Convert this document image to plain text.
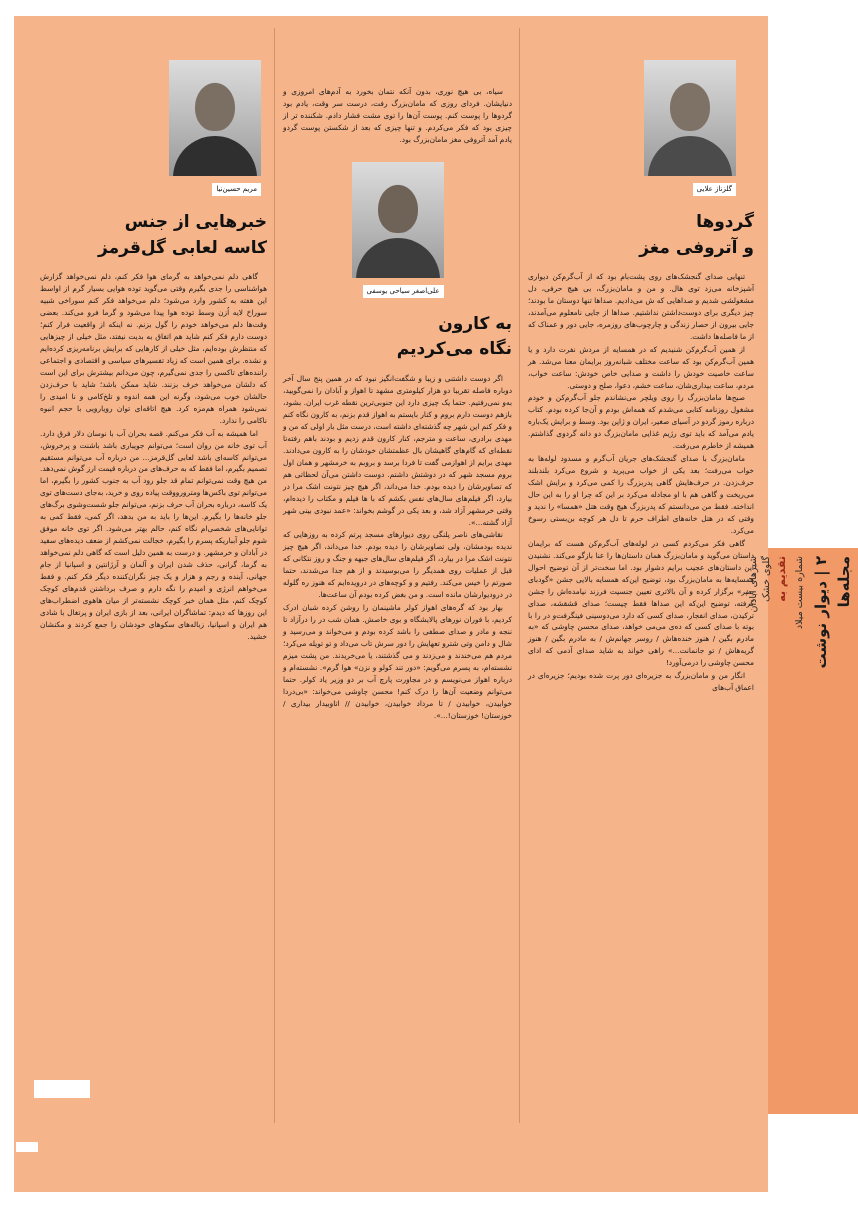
مجله‌ها
۲ | دیوار نوشت
شماره بیست میلاد
تقدیم به
گلوی خشک
شیرهای آبادان
گلزناز علایی
گردوها
و آتروفی مغز

تنهایی صدای گنجشک‌های روی پشت‌بام بود که از آب‌گرم‌کن دیواری آشپزخانه می‌زد توی هال. و من و مامان‌بزرگ، بی هیچ حرفی، دل مشغولشی شدیم و صداهایی که ش می‌دادیم. صداها تنها دوستان ما بودند؛ چیز دیگری برای دوست‌داشتن نداشتیم. صداها از جایی نامعلوم می‌آمدند، جایی بیرون از حصار زندگی و چارچوب‌های روزمره، جایی دور و عمناک که از ما فاصله‌ها داشت.

از همین آب‌گرم‌کن شنیدیم که در همسایه از مردش نفرت دارد و یا همین آب‌گرم‌کن بود که ساعت مختلف شبانه‌روز برایمان معنا می‌شد. هر ساعت خاصیت خودش را داشت و صدایی خاص خودش: ساعت خواب، مردم، ساعت بیداری‌شان، ساعت خشم، دعوا، صلح و دوستی.

صبح‌ها مامان‌بزرگ را روی ویلچر می‌نشاندم جلو آب‌گرم‌کن و خودم مشغول روزنامه کتابی می‌شدم که همه‌اش بودم و آن‌جا کرده بودم. کتاب درباره رموز گردو در آسیای صغیر، ایران و ژاپن بود. وسط و برایش یک‌باره یادم می‌آمد که باید توی رژیم غذایی مامان‌بزرگ دو دانه گردوی گذاشتم. همیشه از خاطرم می‌رفت.

مامان‌بزرگ با صدای گنجشک‌های جریان آب‌گرم و مسدود لوله‌ها به خواب می‌رفت؛ بعد یکی از خواب می‌پرید و شروع می‌کرد بلندبلند حرف‌زدن. در حرف‌هایش گاهی پدربزرگ را کمی می‌کرد و برایش اشک می‌ریخت و گاهی هم با او مجادله می‌کرد بر این که چرا او را به این حال انداخته. فقط من می‌دانستم که پدربزرگ هیچ وقت هتل «همسا» را ندید و وقتی که در هتل خانه‌های اطراف حرم تا دل هر کوچه بن‌بستی رسوخ می‌کرد.

گاهی فکر می‌کردم کسی در لوله‌های آب‌گرم‌کن هست که برایمان داستان می‌گوید و مامان‌بزرگ همان داستان‌ها را عنا بازگو می‌کند. نشنیدن این داستان‌های عجیب برایم دشوار بود. اما سخت‌تر از آن توضیح احوال همسایه‌ها به مامان‌بزرگ بود، توضیح این‌که همسایه بالایی جشن «گودبای پمپر» برگزار کرده و آن بالاتری تعیین جنسیت فرزند نیامده‌اش را جشن گرفته، توضیح این‌که این صداها فقط چیست؛ صدای قشقشه، صدای ترکیدن، صدای انفجار، صدای کسی که دارد می‌دوسینی فینگرفت‌و در را با بوته با صدای کسی که ده‌ی می‌می خواهد، صدای محسن چاوشی که «به مادرم بگین / هنوز خنده‌هاش / روسر جهانم‌ش / به مادرم بگین / هنوز گریه‌هاش / تو جانمانت...» راهی خواند به شاید صدای آدمی که ادای محسن چاوشی را درمی‌آورد!

انگار من و مامان‌بزرگ به جزیره‌ای دور پرت شده بودیم؛ جزیره‌ای در اعماق آب‌های

سیاه، بی هیچ نوری، بدون آنکه نتمان بخورد به آدم‌های امروزی و دنیایشان. فردای روزی که مامان‌بزرگ رفت، درست سر وقت، یادم بود گردوها را پوست کنم. پوست آن‌ها را توی مشت فشار دادم. شکننده تر از چیزی بود که فکر می‌کردم. و تنها چیزی که بعد از شکستن پوست گردو یادم آمد آتروفی مغز مامان‌بزرگ بود.

علی‌اصغر سیاحی یوسفی
به کارون
نگاه می‌کردیم

اگر دوست داشتنی و زیبا و شگفت‌انگیز نبود که در همین پنج سال آخر دوباره فاصله تقریبا دو هزار کیلومتری مشهد تا اهواز و آبادان را نمی‌گویید، به‌و نمی‌رفتیم. حتما یک چیزی دارد این جنوبی‌ترین نقطه غرب ایران. بشود، بازهم دوست دارم بروم و کنار بایستم به اهواز قدم بزنم، به کارون نگاه کنم و فکر کنم این شهر چه گذشته‌ای داشته است، درست مثل بار اولی که من و مهدی برادری، ساعت و مترجم، کنار کارون قدم زدیم و بودند باهم رفته‌تا نقطه‌ای که گام‌های گاهیشان بال عظمتشان خودشان را به کارون می‌دادند. مهدی برایم از اهوازمی گفت تا فردا برسد و بروبم به خرمشهر و همان اول بروم مسجد شهر که در دوشتش داشتم. دوست داشتن می‌آن لحظاتی هم که تصاویرشان را دیده بودم. خدا می‌داند، اگر هیچ چیز نتونت اشک مرا در بیارد، اگر فیلم‌های سال‌های نفس بکشم که با ها فیلم و مکتاب را دیده‌ام، وقتی خرمشهر آزاد شد، و بعد یکی در گوشم بخواند: «عمد نبودی بینی شهر آزاد گشته...».

نقاشی‌های ناصر پلنگی روی دیوارهای مسجد پرتم کرده به روزهایی که نديده بودمشان، ولی تصاویرشان را دیده بودم. خدا می‌داند، اگر هیچ چیز نتونت اشک مرا در بیارد، اگر فیلم‌های سال‌های جبهه و جنگ و روز نتکانی که قبل از عملیات روی همدیگر را می‌بوسیدند و از هم جدا می‌شدند، حتما صورتم را خیس می‌کند. رفتیم و و کوچه‌های در درویده‌ایم که هنوز ره گلوله در درودیوارشان مانده است. و من بغض کرده بودم آن ساعت‌ها.

بهار بود که گره‌های اهواز کولر ماشینمان را روشن کرده شبان ادرک کردیم، با فوران نورهای پالایشگاه و بوی خاصش. همان شب در را درآزاد تا ننجه و مادر و صدای صطفی را باشد کرده بودم و می‌خواند و می‌رسید و شال و دامن وتی شترو تعهایش را دور سرش تاب می‌داد و تو تویله می‌کرد؛ مردم هم می‌خندند و می‌زدند و می گذشتند، یا می‌خریدند. من پشت میزم نشسته‌ام، به پسرم می‌گویم: «دور تند کولو و نزن» هوا گرم». نشسته‌ام و درباره اهواز می‌نویسم و در مجاورت پارچ آب بر دو وزیر یاد کولر. حتما می‌توانم وضعیت آن‌ها را درک کنم! محسن چاوشی می‌خواند: «بی‌دردا خوابیدن، خوابیدن / تا مرداد خوابیدن، خوابیدن // اتاوبیدار بیداری / خوزستان! خوزستان!...».

مریم حسین‌نیا
خبرهایی از جنس
کاسه لعابی گل‌قرمز

گاهی دلم نمی‌خواهد به گرمای هوا فکر کنم، دلم نمی‌خواهد گزارش هواشناسی را جدی بگیرم وقتی می‌گوید توده هوایی بسیار گرم از اواسط این هفته به کشور وارد می‌شود؛ دلم می‌خواهد فکر کنم سوراخی شبیه سوراخ لایه اُزن وسط توده هوا پیدا می‌شود و گرما فرو می‌کند. بعضی وقت‌ها دلم می‌خواهد خودم را گول بزنم. نه اینکه از واقعیت فرار کنم؛ دوست دارم فکر کنم شاید هم اتفاق به بدیت نیفتد، مثل خیلی از چیزهایی که منتظرش بوده‌ایم، مثل خیلی از کارهایی که برایش برنامه‌ریزی کرده‌ایم و نشده. برای همین است که زیاد تفسیرهای سیاسی و اقتصادی و اجتماعی راننده‌های تاکسی را جدی نمی‌گیرم، چون می‌دانم بیشترش برای این است که دلشان می‌خواهد خرف بزنند. شاید ممکن باشد؛ شاید با حرف‌زدن حالشان خوب می‌شود، وگرنه این همه اندوه و تلخ‌کامی و نا امیدی را نمی‌شود همراه هم‌مزه کرد. هیچ اتاقه‌ای توان رویارویی با حجم انبوه ناکامی را ندارد.

اما همیشه به آب فکر می‌کنم. قصه بحران آب با نوسان دلار فرق دارد. آب توی خانه من روان است؛ می‌توانم جویباری باشد باشنت و پر‌خروش، می‌توانم کاسه‌ای باشد لعابی گل‌قرمز... من درباره آب می‌توانم مستقیم تصمیم بگیرم، اما فقط که به حرف‌های من درباره قیمت ارز گوش نمی‌دهد. من هیچ وقت نمی‌توانم تمام قد جلو رود آب به جنوب کشور را بگیرم، اما می‌توانم توی باکس‌ها ومترورووقت پیاده روی و خرید، به‌جای دست‌های توی یک کاسه، درباره بحران آب حرف بزنم، می‌توانم جلو شست‌و‌شوی برگ‌های جلو خانه‌ها را بگیرم. این‌ها را باید به من بدهد، اگر کمی، فقط کمی به توانایی‌های شخصی‌ام نگاه کنم، حالم بهتر می‌شود. اگر توی خانه موفق شوم جلو آبباریکه پسرم را بگیرم، خجالت نمی‌کشم از ضعف دیده‌های سفید در آبادان و خرمشهر. و درست به همین دلیل است که گاهی دلم نمی‌خواهد به گرما، گرانی، حذف شدن ایران و آلمان و آرژانتین و اسپانیا از جام جهانی، آینده و رجم و هزار و یک چیز نگران‌کننده دیگر فکر کنم. و فقط می‌خواهم انرژی و امیدم را نگه دارم و صرف برداشتن قدم‌های کوچک کوچک کنم، مثل همان خبر کوچک نشسته‌تر از میان هاهوی اضطراب‌های این روزها که دیدم: تماشاگران ایرانی، بعد از بازی ایران و پرتغال با شادی هم ایران و اسپانیا، زباله‌های سکوهای خودشان را جمع کردند و مکنشان خشید.
